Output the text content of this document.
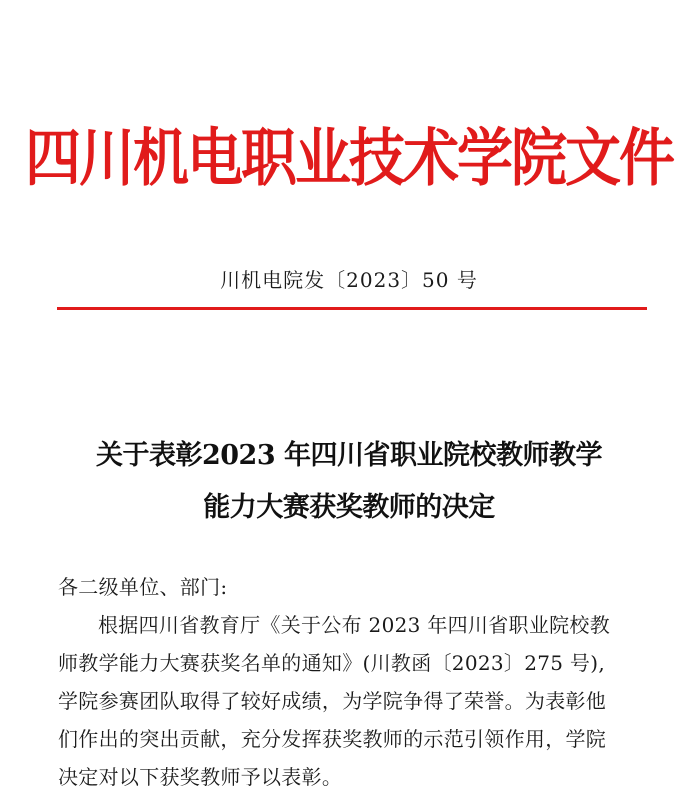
四川机电职业技术学院文件
川机电院发〔2023〕50 号
关于表彰2023 年四川省职业院校教师教学
能力大赛获奖教师的决定
各二级单位、部门:
根据四川省教育厅《关于公布 2023 年四川省职业院校教
师教学能力大赛获奖名单的通知》(川教函〔2023〕275 号),
学院参赛团队取得了较好成绩，为学院争得了荣誉。为表彰他
们作出的突出贡献，充分发挥获奖教师的示范引领作用，学院
决定对以下获奖教师予以表彰。
